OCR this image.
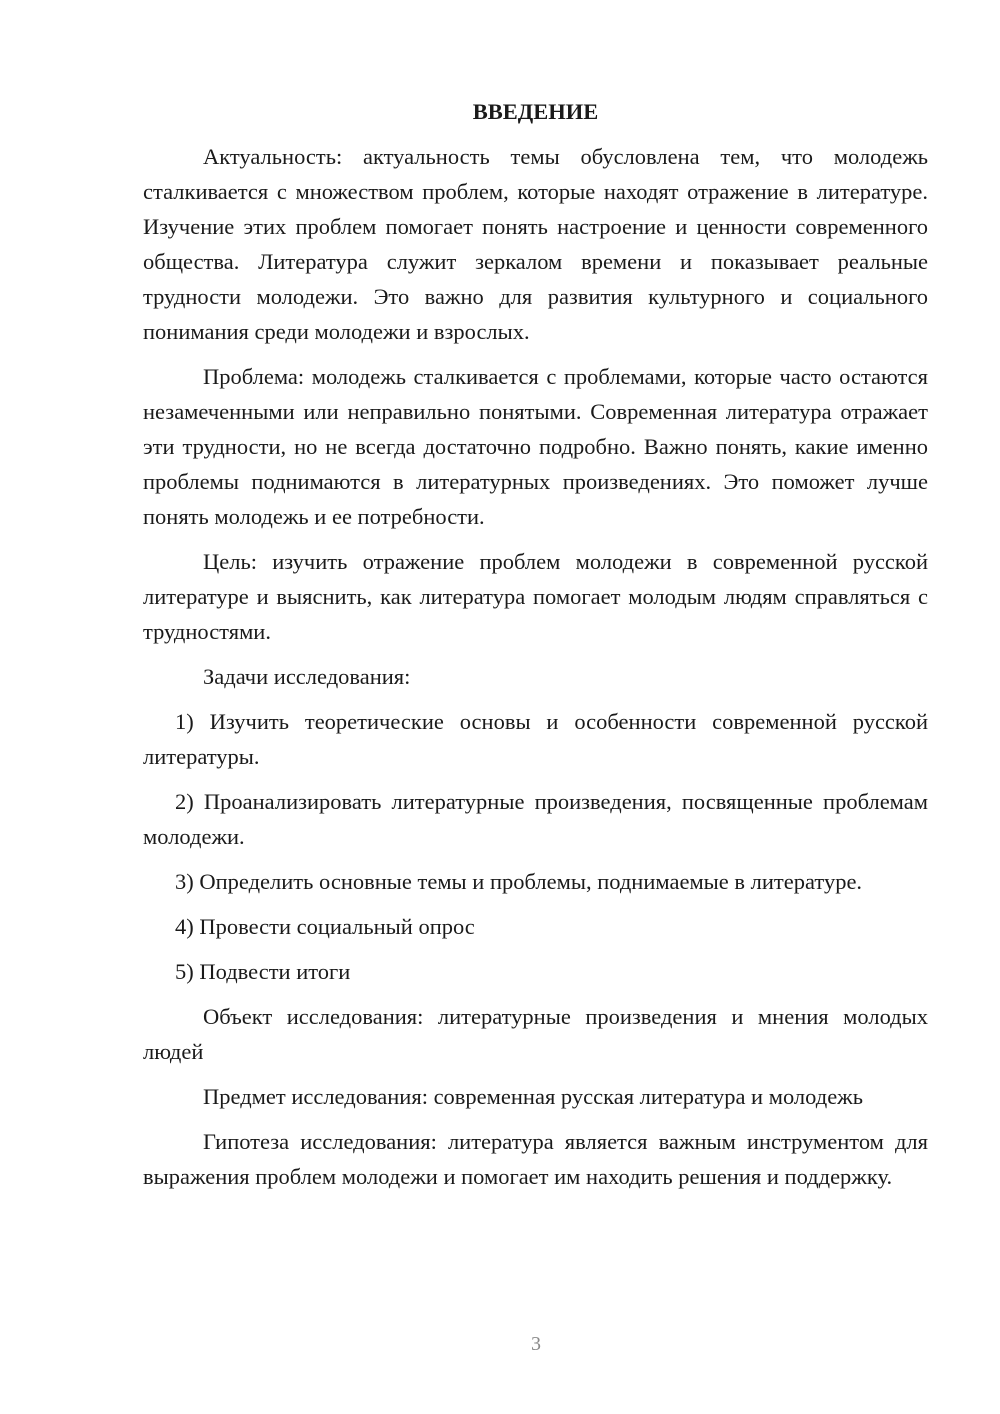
ВВЕДЕНИЕ

Актуальность: актуальность темы обусловлена тем, что молодежь сталкивается с множеством проблем, которые находят отражение в литературе. Изучение этих проблем помогает понять настроение и ценности современного общества. Литература служит зеркалом времени и показывает реальные трудности молодежи. Это важно для развития культурного и социального понимания среди молодежи и взрослых.

Проблема: молодежь сталкивается с проблемами, которые часто остаются незамеченными или неправильно понятыми. Современная литература отражает эти трудности, но не всегда достаточно подробно. Важно понять, какие именно проблемы поднимаются в литературных произведениях. Это поможет лучше понять молодежь и ее потребности.

Цель: изучить отражение проблем молодежи в современной русской литературе и выяснить, как литература помогает молодым людям справляться с трудностями.

Задачи исследования:

1) Изучить теоретические основы и особенности современной русской литературы.

2) Проанализировать литературные произведения, посвященные проблемам молодежи.

3) Определить основные темы и проблемы, поднимаемые в литературе.

4) Провести социальный опрос

5) Подвести итоги

Объект исследования: литературные произведения и мнения молодых людей

Предмет исследования: современная русская литература и молодежь

Гипотеза исследования: литература является важным инструментом для выражения проблем молодежи и помогает им находить решения и поддержку.

3
